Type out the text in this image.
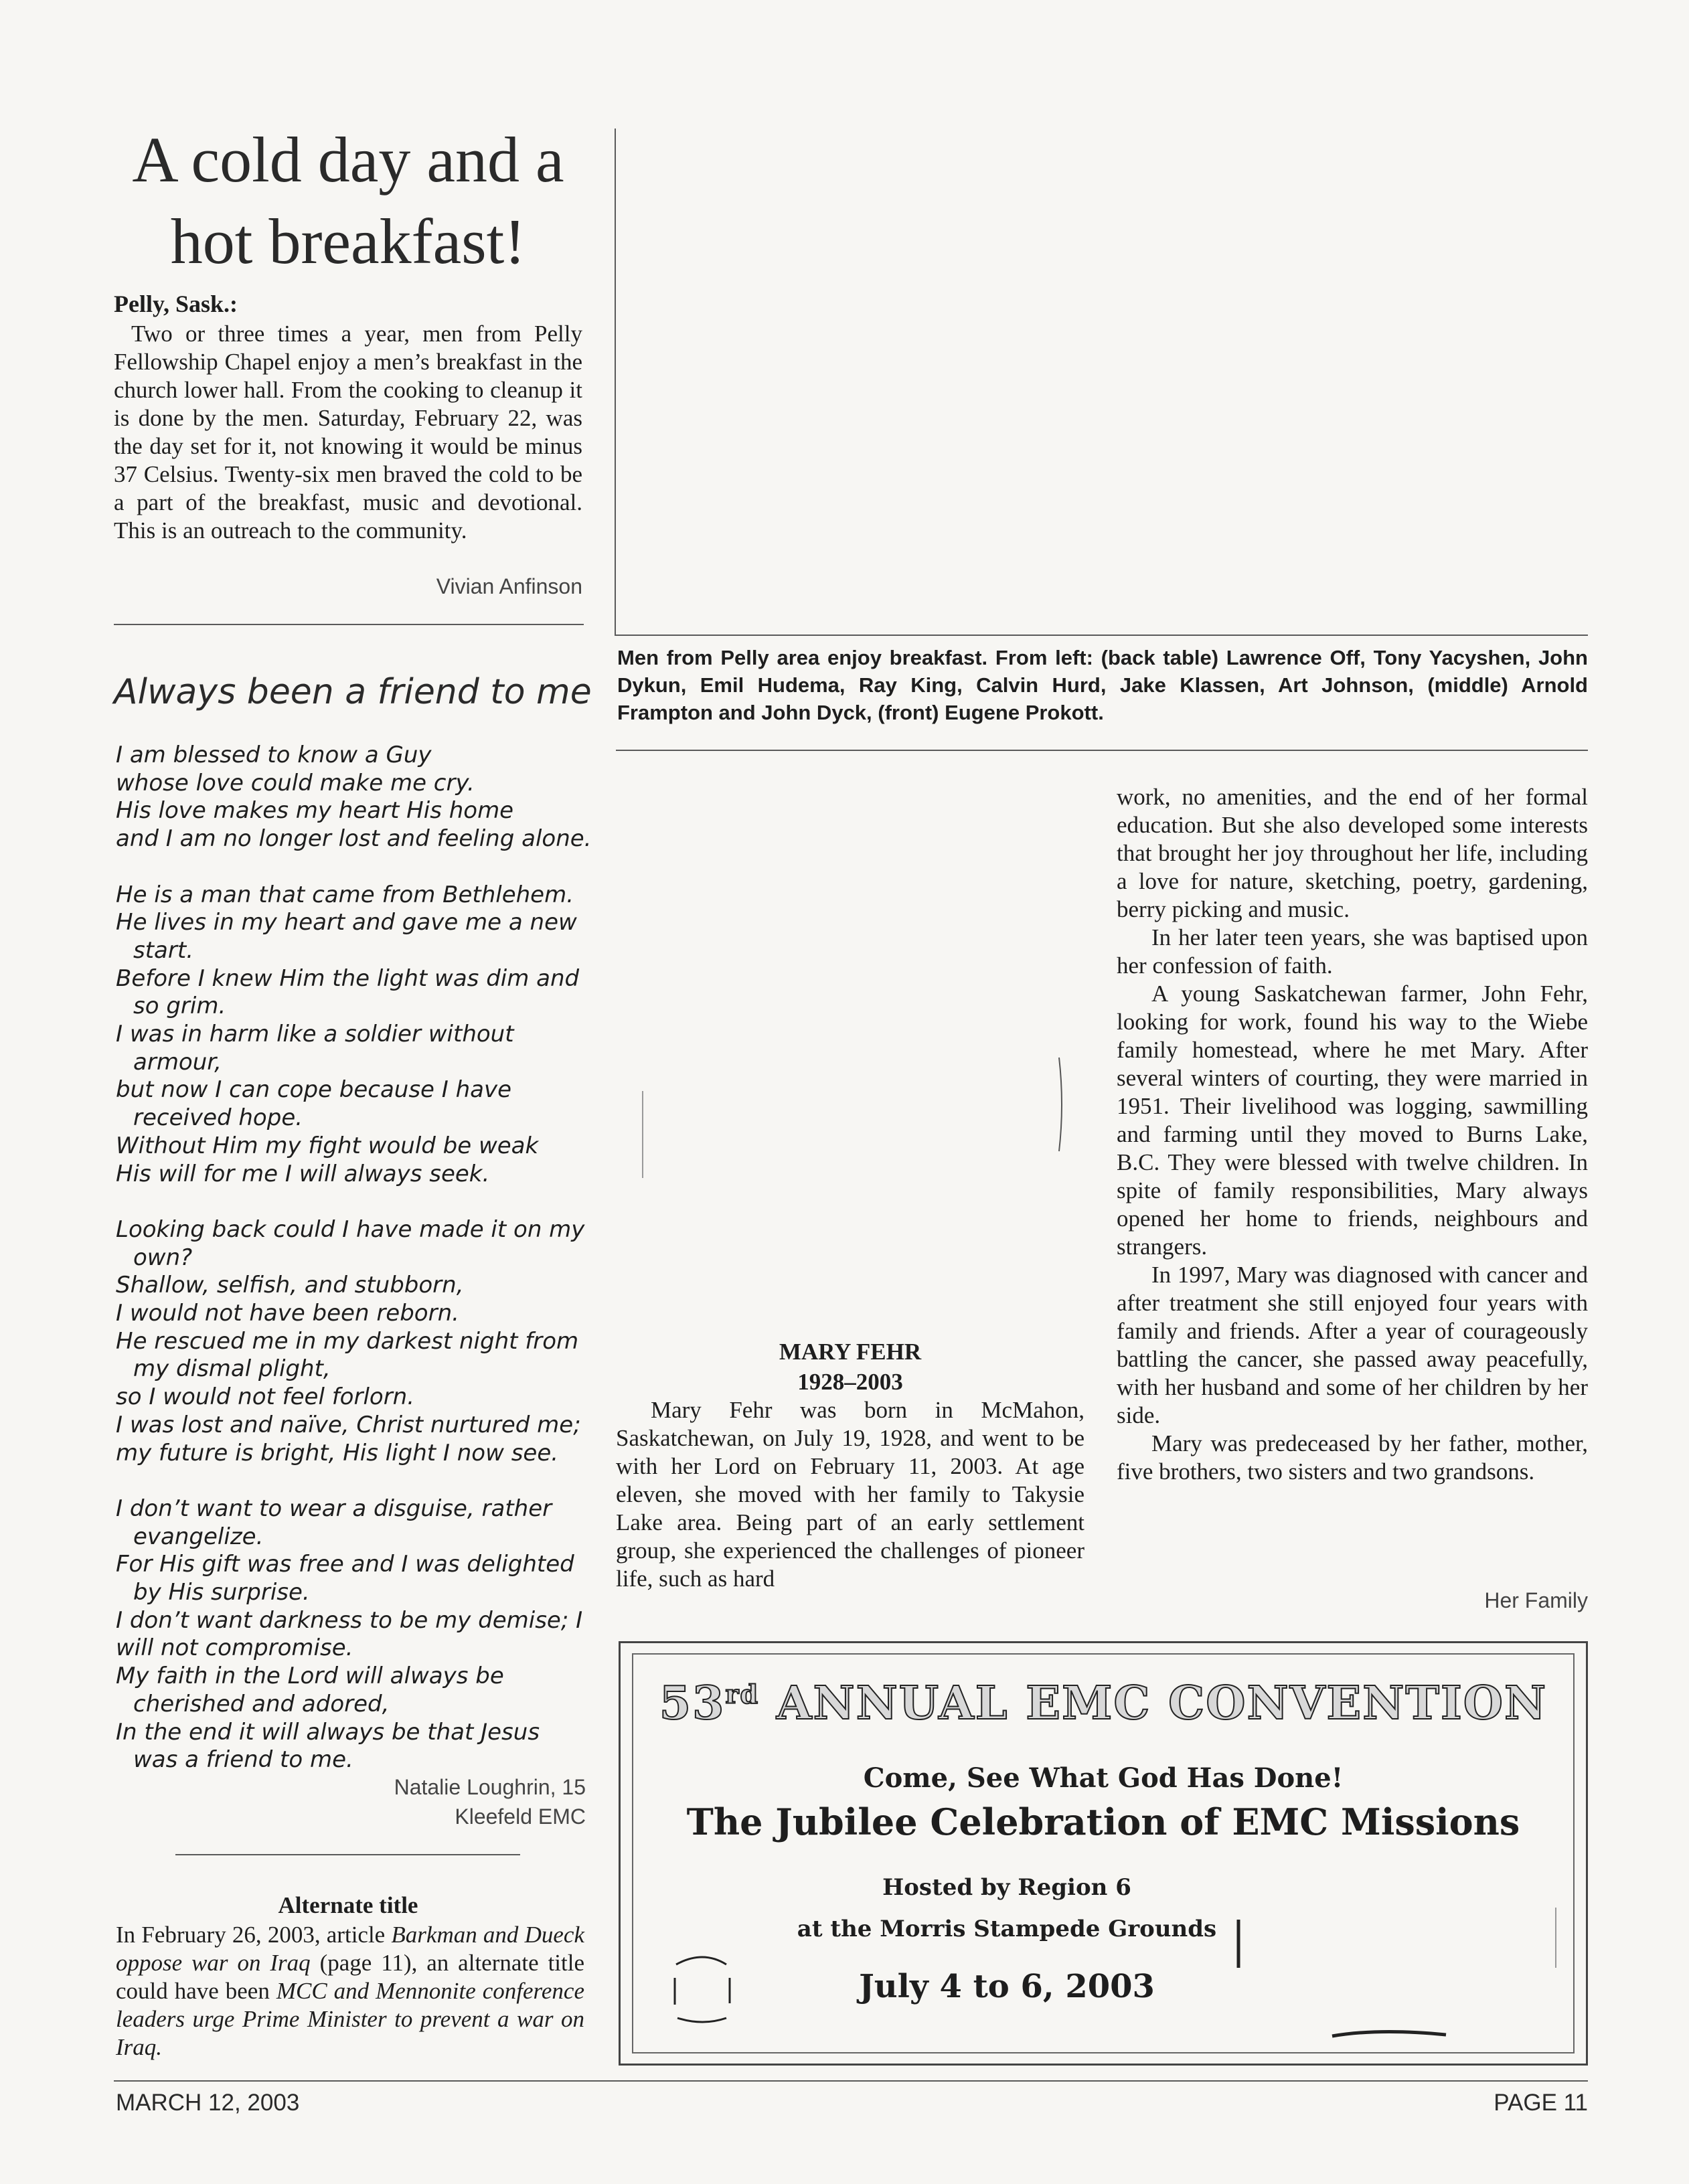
A cold day and a hot breakfast!
Pelly, Sask.:

Two or three times a year, men from Pelly Fellowship Chapel enjoy a men’s breakfast in the church lower hall. From the cooking to cleanup it is done by the men. Saturday, February 22, was the day set for it, not knowing it would be minus 37 Celsius. Twenty-six men braved the cold to be a part of the breakfast, music and devotional. This is an outreach to the community.

Vivian Anfinson
Always been a friend to me
I am blessed to know a Guy
whose love could make me cry.
His love makes my heart His home
and I am no longer lost and feeling alone.
He is a man that came from Bethlehem.
He lives in my heart and gave me a new
start.
Before I knew Him the light was dim and
so grim.
I was in harm like a soldier without
armour,
but now I can cope because I have
received hope.
Without Him my fight would be weak
His will for me I will always seek.
Looking back could I have made it on my
own?
Shallow, selfish, and stubborn,
I would not have been reborn.
He rescued me in my darkest night from
my dismal plight,
so I would not feel forlorn.
I was lost and naïve, Christ nurtured me;
my future is bright, His light I now see.
I don’t want to wear a disguise, rather
evangelize.
For His gift was free and I was delighted
by His surprise.
I don’t want darkness to be my demise; I
will not compromise.
My faith in the Lord will always be
cherished and adored,
In the end it will always be that Jesus
was a friend to me.
Natalie Loughrin, 15
Kleefeld EMC
Alternate title

In February 26, 2003, article Barkman and Dueck oppose war on Iraq (page 11), an alternate title could have been MCC and Mennonite conference leaders urge Prime Minister to prevent a war on Iraq.

Men from Pelly area enjoy breakfast. From left: (back table) Lawrence Off, Tony Yacyshen, John Dykun, Emil Hudema, Ray King, Calvin Hurd, Jake Klassen, Art Johnson, (middle) Arnold Frampton and John Dyck, (front) Eugene Prokott.
MARY FEHR
1928–2003

Mary Fehr was born in McMahon, Saskatchewan, on July 19, 1928, and went to be with her Lord on February 11, 2003. At age eleven, she moved with her family to Takysie Lake area. Being part of an early settlement group, she experienced the challenges of pioneer life, such as hard

work, no amenities, and the end of her formal education. But she also developed some interests that brought her joy throughout her life, including a love for nature, sketching, poetry, gardening, berry picking and music.

In her later teen years, she was baptised upon her confession of faith.

A young Saskatchewan farmer, John Fehr, looking for work, found his way to the Wiebe family homestead, where he met Mary. After several winters of courting, they were married in 1951. Their livelihood was logging, sawmilling and farming until they moved to Burns Lake, B.C. They were blessed with twelve children. In spite of family responsibilities, Mary always opened her home to friends, neighbours and strangers.

In 1997, Mary was diagnosed with cancer and after treatment she still enjoyed four years with family and friends. After a year of courageously battling the cancer, she passed away peacefully, with her husband and some of her children by her side.

Mary was predeceased by her father, mother, five brothers, two sisters and two grandsons.

Her Family
53rd ANNUAL EMC CONVENTION
Come, See What God Has Done!
The Jubilee Celebration of EMC Missions
Hosted by Region 6
at the Morris Stampede Grounds
July 4 to 6, 2003
MARCH 12, 2003	PAGE 11
